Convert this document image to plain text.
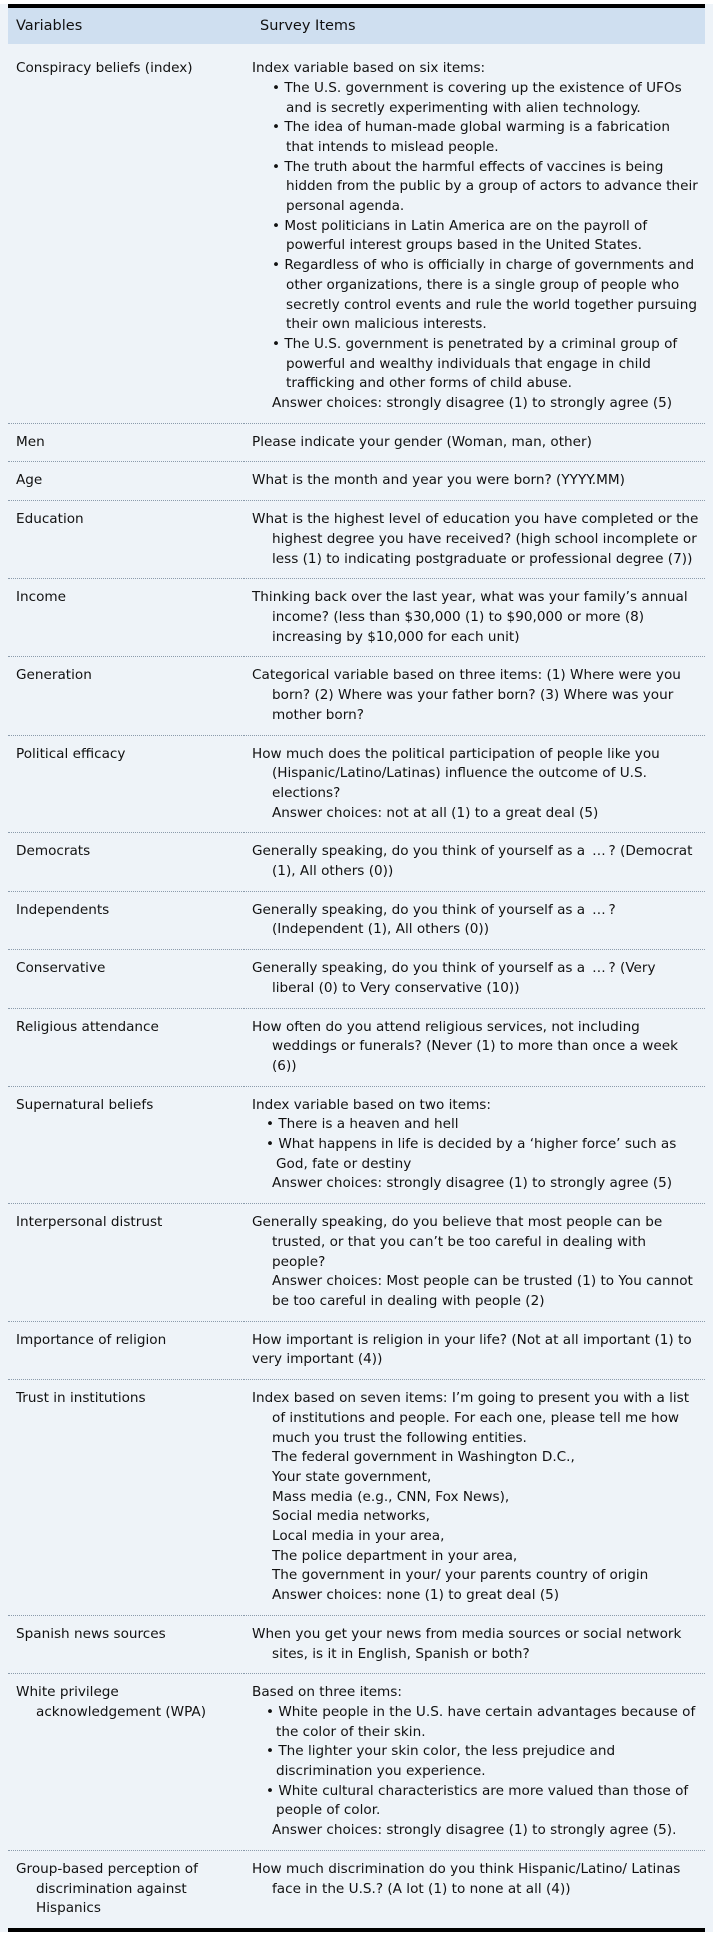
Variables	Survey Items

Conspiracy beliefs (index)	Index variable based on six items:
• The U.S. government is covering up the existence of UFOs and is secretly experimenting with alien technology.
• The idea of human-made global warming is a fabrication that intends to mislead people.
• The truth about the harmful effects of vaccines is being hidden from the public by a group of actors to advance their personal agenda.
• Most politicians in Latin America are on the payroll of powerful interest groups based in the United States.
• Regardless of who is officially in charge of governments and other organizations, there is a single group of people who secretly control events and rule the world together pursuing their own malicious interests.
• The U.S. government is penetrated by a criminal group of powerful and wealthy individuals that engage in child trafficking and other forms of child abuse.
Answer choices: strongly disagree (1) to strongly agree (5)

Men	Please indicate your gender (Woman, man, other)

Age	What is the month and year you were born? (YYYY.MM)

Education	What is the highest level of education you have completed or the highest degree you have received? (high school incomplete or less (1) to indicating postgraduate or professional degree (7))

Income	Thinking back over the last year, what was your family’s annual income? (less than $30,000 (1) to $90,000 or more (8) increasing by $10,000 for each unit)

Generation	Categorical variable based on three items: (1) Where were you born? (2) Where was your father born? (3) Where was your mother born?

Political efficacy	How much does the political participation of people like you (Hispanic/Latino/Latinas) influence the outcome of U.S. elections?
Answer choices: not at all (1) to a great deal (5)

Democrats	Generally speaking, do you think of yourself as a  … ? (Democrat (1), All others (0))

Independents	Generally speaking, do you think of yourself as a  … ? (Independent (1), All others (0))

Conservative	Generally speaking, do you think of yourself as a  … ? (Very liberal (0) to Very conservative (10))

Religious attendance	How often do you attend religious services, not including weddings or funerals? (Never (1) to more than once a week (6))

Supernatural beliefs	Index variable based on two items:
• There is a heaven and hell
• What happens in life is decided by a ‘higher force’ such as God, fate or destiny
Answer choices: strongly disagree (1) to strongly agree (5)

Interpersonal distrust	Generally speaking, do you believe that most people can be trusted, or that you can’t be too careful in dealing with people?
Answer choices: Most people can be trusted (1) to You cannot be too careful in dealing with people (2)

Importance of religion	How important is religion in your life? (Not at all important (1) to very important (4))

Trust in institutions	Index based on seven items: I’m going to present you with a list of institutions and people. For each one, please tell me how much you trust the following entities.
The federal government in Washington D.C.,
Your state government,
Mass media (e.g., CNN, Fox News),
Social media networks,
Local media in your area,
The police department in your area,
The government in your/ your parents country of origin
Answer choices: none (1) to great deal (5)

Spanish news sources	When you get your news from media sources or social network sites, is it in English, Spanish or both?

White privilege acknowledgement (WPA)	Based on three items:
• White people in the U.S. have certain advantages because of the color of their skin.
• The lighter your skin color, the less prejudice and discrimination you experience.
• White cultural characteristics are more valued than those of people of color.
Answer choices: strongly disagree (1) to strongly agree (5).

Group-based perception of discrimination against Hispanics	How much discrimination do you think Hispanic/Latino/ Latinas face in the U.S.? (A lot (1) to none at all (4))
